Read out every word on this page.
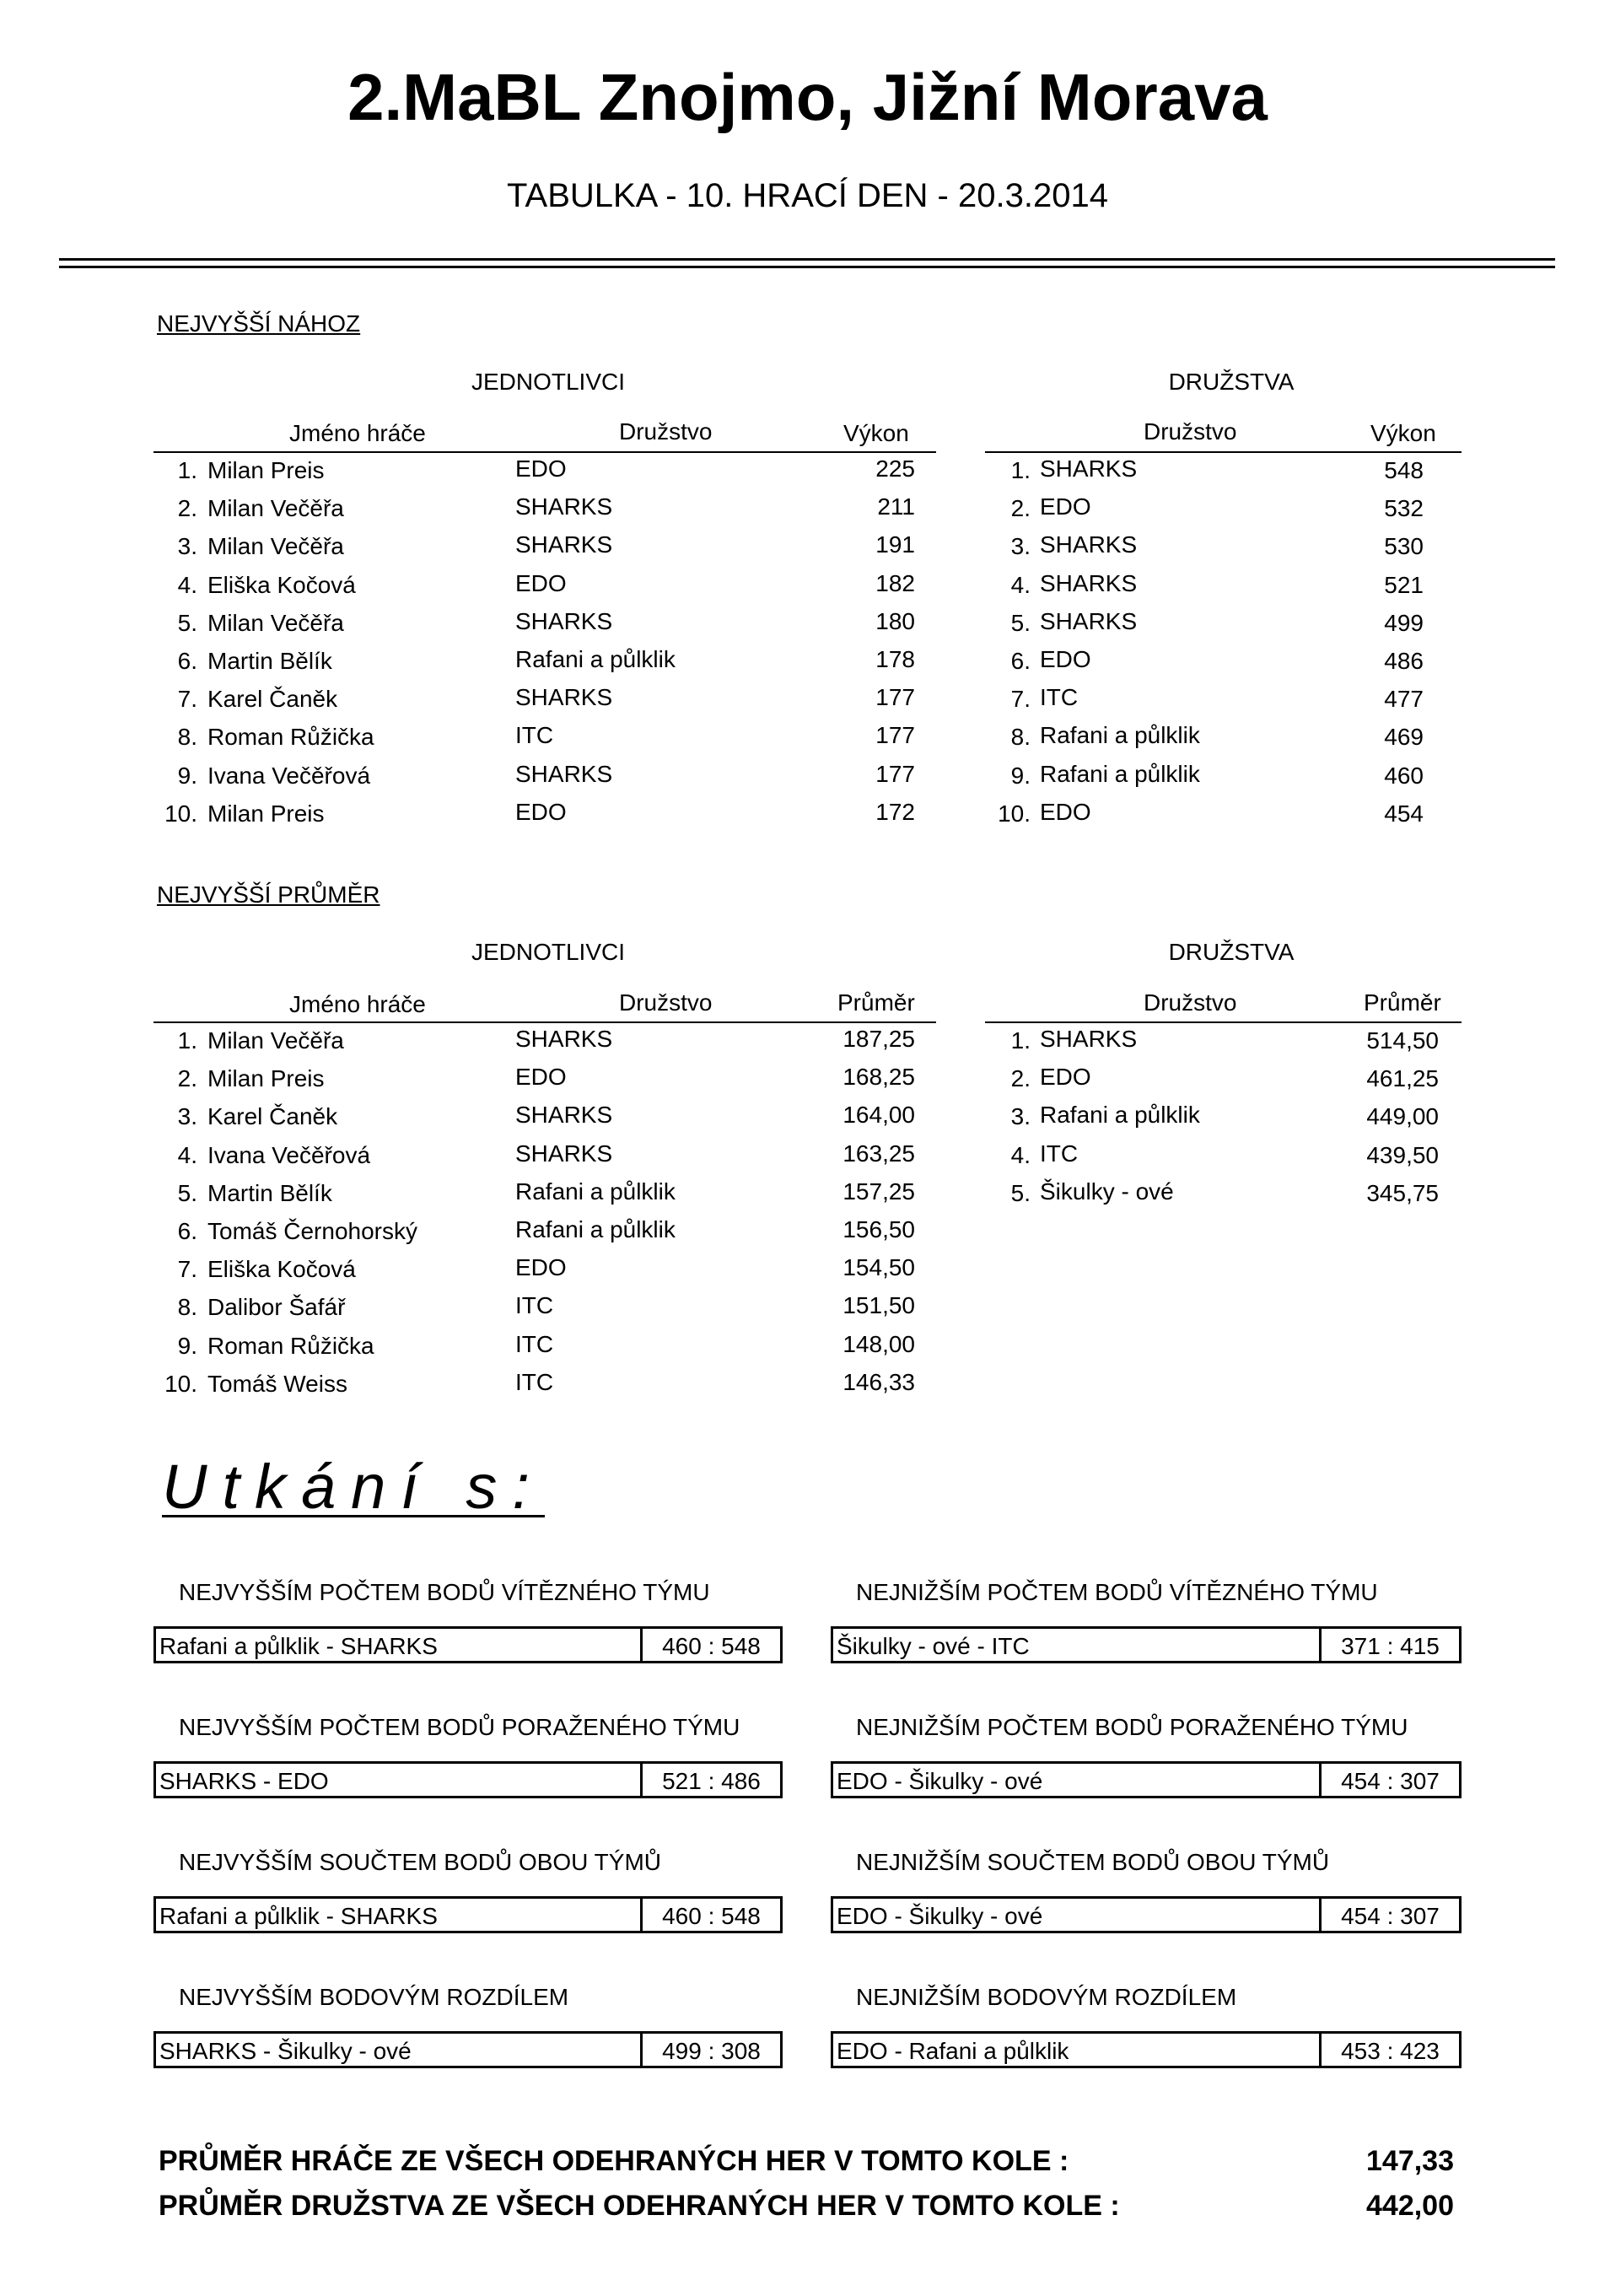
2.MaBL Znojmo, Jižní Morava
TABULKA - 10. HRACÍ DEN - 20.3.2014
NEJVYŠŠÍ NÁHOZ
JEDNOTLIVCI	DRUŽSTVA
Jméno hráče	Družstvo	Výkon	Družstvo	Výkon
1. Milan Preis	EDO	225
2. Milan Večěřa	SHARKS	211
3. Milan Večěřa	SHARKS	191
4. Eliška Kočová	EDO	182
5. Milan Večěřa	SHARKS	180
6. Martin Bělík	Rafani a půlklik	178
7. Karel Čaněk	SHARKS	177
8. Roman Růžička	ITC	177
9. Ivana Večěřová	SHARKS	177
10. Milan Preis	EDO	172
1. SHARKS	548
2. EDO	532
3. SHARKS	530
4. SHARKS	521
5. SHARKS	499
6. EDO	486
7. ITC	477
8. Rafani a půlklik	469
9. Rafani a půlklik	460
10. EDO	454
NEJVYŠŠÍ PRŮMĚR
JEDNOTLIVCI	DRUŽSTVA
Jméno hráče	Družstvo	Průměr	Družstvo	Průměr
1. Milan Večěřa	SHARKS	187,25
2. Milan Preis	EDO	168,25
3. Karel Čaněk	SHARKS	164,00
4. Ivana Večěřová	SHARKS	163,25
5. Martin Bělík	Rafani a půlklik	157,25
6. Tomáš Černohorský	Rafani a půlklik	156,50
7. Eliška Kočová	EDO	154,50
8. Dalibor Šafář	ITC	151,50
9. Roman Růžička	ITC	148,00
10. Tomáš Weiss	ITC	146,33
1. SHARKS	514,50
2. EDO	461,25
3. Rafani a půlklik	449,00
4. ITC	439,50
5. Šikulky - ové	345,75
Utkání s:
NEJVYŠŠÍM POČTEM BODŮ VÍTĚZNÉHO TÝMU
Rafani a půlklik - SHARKS	460 : 548
NEJNIŽŠÍM POČTEM BODŮ VÍTĚZNÉHO TÝMU
Šikulky - ové - ITC	371 : 415
NEJVYŠŠÍM POČTEM BODŮ PORAŽENÉHO TÝMU
SHARKS - EDO	521 : 486
NEJNIŽŠÍM POČTEM BODŮ PORAŽENÉHO TÝMU
EDO - Šikulky - ové	454 : 307
NEJVYŠŠÍM SOUČTEM BODŮ OBOU TÝMŮ
Rafani a půlklik - SHARKS	460 : 548
NEJNIŽŠÍM SOUČTEM BODŮ OBOU TÝMŮ
EDO - Šikulky - ové	454 : 307
NEJVYŠŠÍM BODOVÝM ROZDÍLEM
SHARKS - Šikulky - ové	499 : 308
NEJNIŽŠÍM BODOVÝM ROZDÍLEM
EDO - Rafani a půlklik	453 : 423
PRŮMĚR HRÁČE ZE VŠECH ODEHRANÝCH HER V TOMTO KOLE :	147,33
PRŮMĚR DRUŽSTVA ZE VŠECH ODEHRANÝCH HER V TOMTO KOLE :	442,00
